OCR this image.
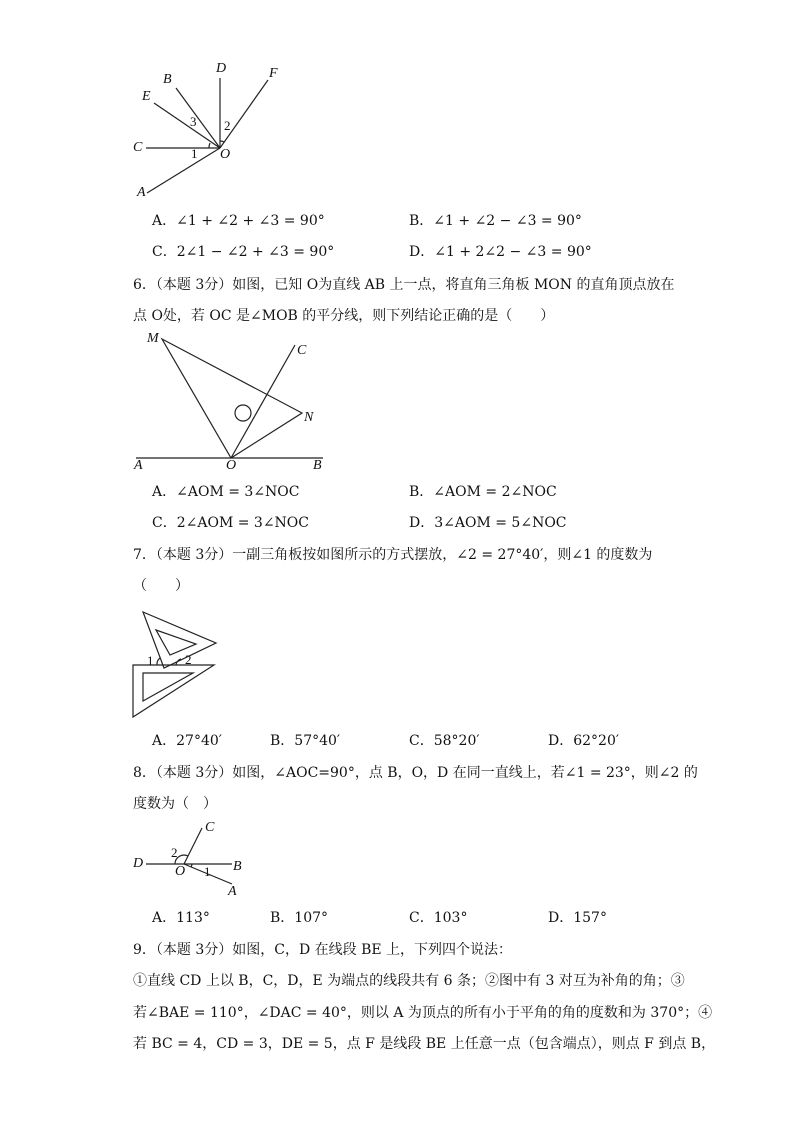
B
D	F
E
C	O
A
1
2
3
A．∠1 + ∠2 + ∠3 = 90°	B．∠1 + ∠2 − ∠3 = 90°
C．2∠1 − ∠2 + ∠3 = 90°	D．∠1 + 2∠2 − ∠3 = 90°
6．（本题 3分）如图，已知 O为直线 AB 上一点，将直角三角板 MON 的直角顶点放在
点 O处，若 OC 是∠MOB 的平分线，则下列结论正确的是（　　）
M
C
N
A	O	B
A．∠AOM = 3∠NOC	B．∠AOM = 2∠NOC
C．2∠AOM = 3∠NOC	D．3∠AOM = 5∠NOC
7．（本题 3分）一副三角板按如图所示的方式摆放，∠2 = 27°40′，则∠1 的度数为
（　　）
1 2
A．27°40′	B．57°40′	C．58°20′	D．62°20′
8．（本题 3分）如图，∠AOC=90°，点 B，O，D 在同一直线上，若∠1 = 23°，则∠2 的
度数为（　）
C
D
2
O 1 B
A
A．113°	B．107°	C．103°	D．157°
9．（本题 3分）如图，C，D 在线段 BE 上，下列四个说法：
①直线 CD 上以 B，C，D，E 为端点的线段共有 6 条；②图中有 3 对互为补角的角；③
若∠BAE = 110°，∠DAC = 40°，则以 A 为顶点的所有小于平角的角的度数和为 370°；④
若 BC = 4，CD = 3，DE = 5，点 F 是线段 BE 上任意一点（包含端点），则点 F 到点 B，
